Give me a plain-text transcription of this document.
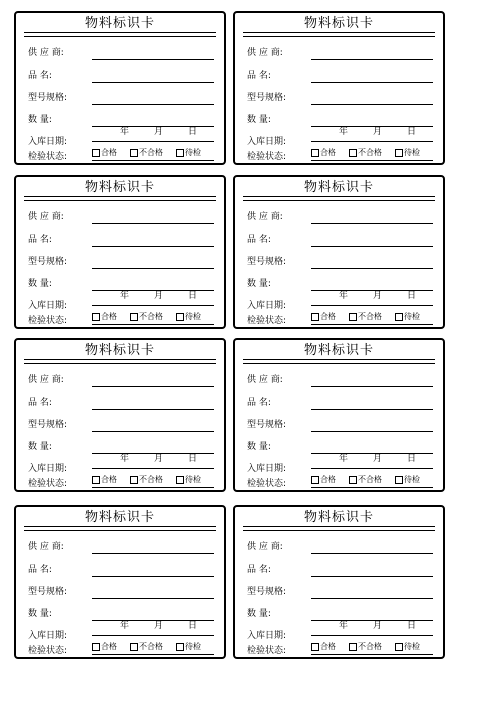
物料标识卡
供 应 商:
品 名:
型号规格:
数 量:
入库日期:
年	月	日
检验状态:	合格	不合格	待检
物料标识卡
供 应 商:
品 名:
型号规格:
数 量:
入库日期:
年	月	日
检验状态:	合格	不合格	待检
物料标识卡
供 应 商:
品 名:
型号规格:
数 量:
入库日期:
年	月	日
检验状态:	合格	不合格	待检
物料标识卡
供 应 商:
品 名:
型号规格:
数 量:
入库日期:
年	月	日
检验状态:	合格	不合格	待检
物料标识卡
供 应 商:
品 名:
型号规格:
数 量:
入库日期:
年	月	日
检验状态:	合格	不合格	待检
物料标识卡
供 应 商:
品 名:
型号规格:
数 量:
入库日期:
年	月	日
检验状态:	合格	不合格	待检
物料标识卡
供 应 商:
品 名:
型号规格:
数 量:
入库日期:
年	月	日
检验状态:	合格	不合格	待检
物料标识卡
供 应 商:
品 名:
型号规格:
数 量:
入库日期:
年	月	日
检验状态:	合格	不合格	待检
